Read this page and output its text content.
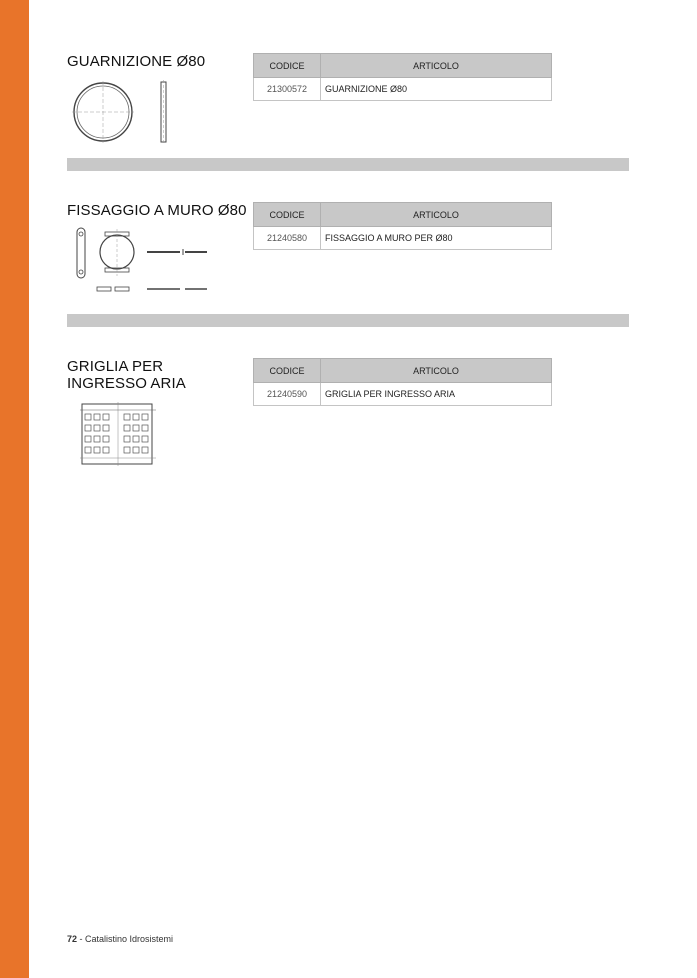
GUARNIZIONE Ø80	CODICE	ARTICOLO
21300572	GUARNIZIONE Ø80
FISSAGGIO A MURO Ø80	CODICE	ARTICOLO
21240580	FISSAGGIO A MURO PER Ø80
GRIGLIA PER INGRESSO ARIA
CODICE	ARTICOLO
21240590	GRIGLIA PER INGRESSO ARIA
72 - Catalistino Idrosistemi
